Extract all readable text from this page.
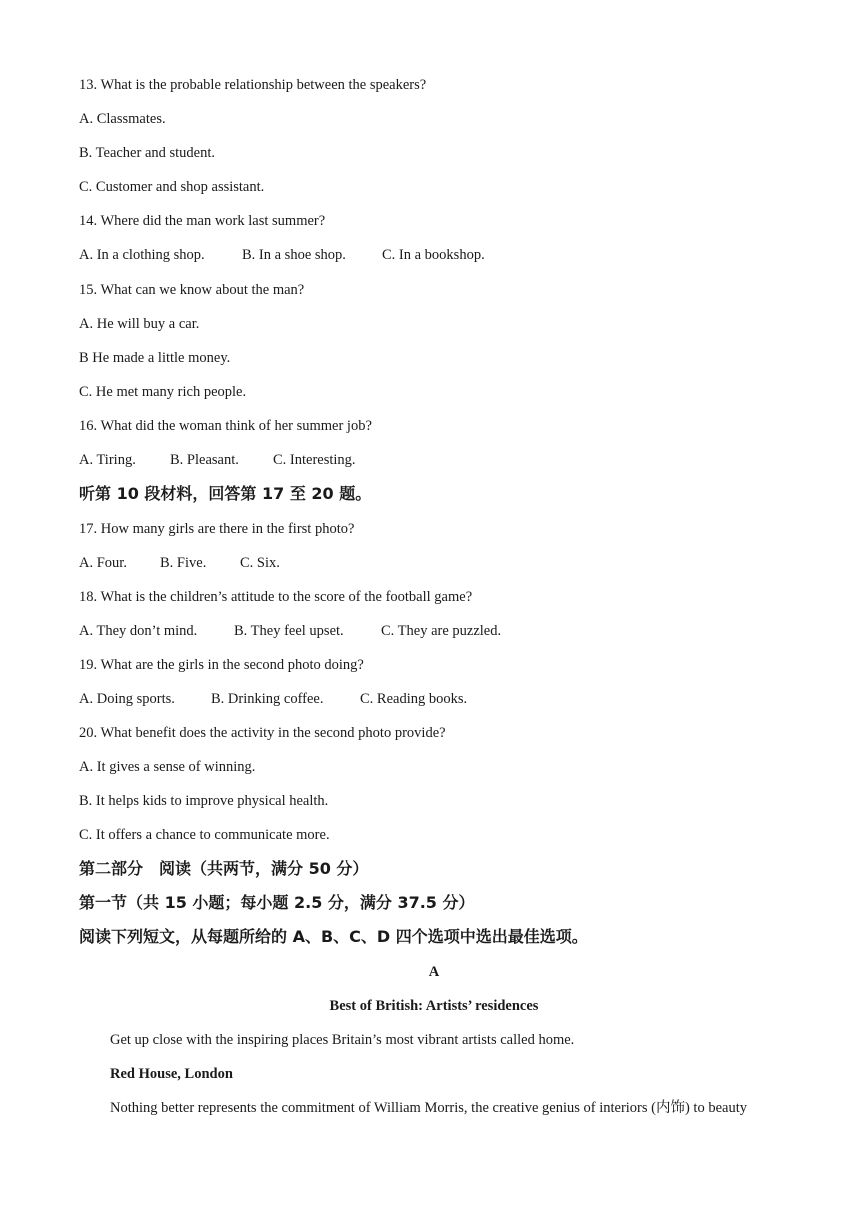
13. What is the probable relationship between the speakers?
A. Classmates.
B. Teacher and student.
C. Customer and shop assistant.
14. Where did the man work last summer?
A. In a clothing shop.	B. In a shoe shop. C. In a bookshop.
15. What can we know about the man?
A. He will buy a car.
B He made a little money.
C. He met many rich people.
16. What did the woman think of her summer job?
A. Tiring. B. Pleasant. C. Interesting.
听第 10 段材料，回答第 17 至 20 题。
17. How many girls are there in the first photo?
A. Four. B. Five. C. Six.
18. What is the children’s attitude to the score of the football game?
A. They don’t mind.	B. They feel upset.	C. They are puzzled.
19. What are the girls in the second photo doing?
A. Doing sports. B. Drinking coffee.	C. Reading books.
20. What benefit does the activity in the second photo provide?
A. It gives a sense of winning.
B. It helps kids to improve physical health.
C. It offers a chance to communicate more.
第二部分　阅读（共两节，满分 50 分）
第一节（共 15 小题；每小题 2.5 分，满分 37.5 分）
阅读下列短文，从每题所给的 A、B、C、D 四个选项中选出最佳选项。
A
Best of British: Artists’ residences
Get up close with the inspiring places Britain’s most vibrant artists called home.
Red House, London
Nothing better represents the commitment of William Morris, the creative genius of interiors (内饰) to beauty
